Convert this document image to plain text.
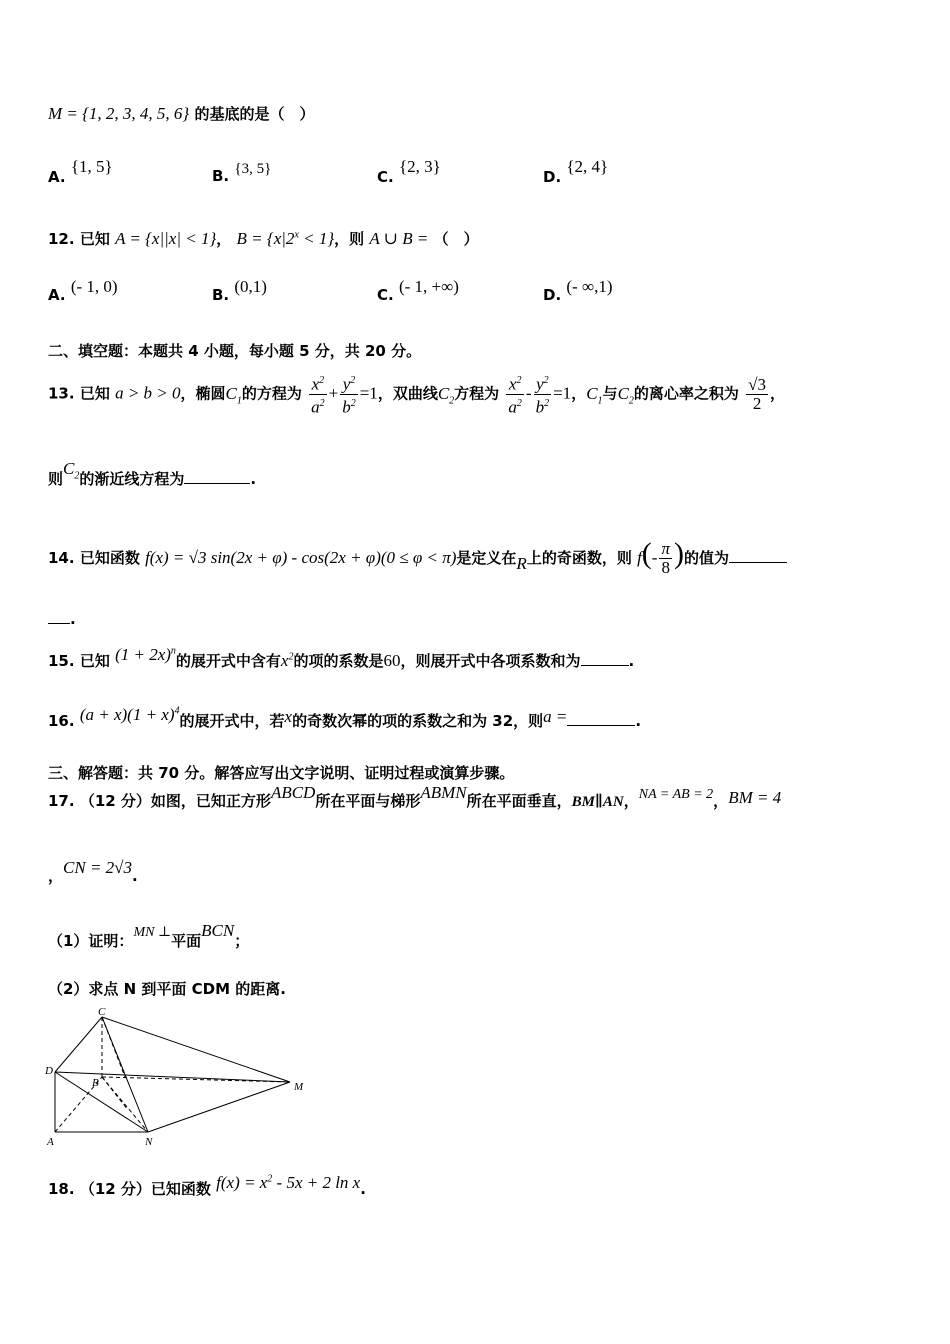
M = {1, 2, 3, 4, 5, 6} 的基底的是（　）
A. {1, 5}	B. {3, 5}	C. {2, 3}
D. {2, 4}
12. 已知 A = {x||x| < 1}， $B = \{x|2^x < 1\}$，则 A ∪ B = （　）
A. (- 1, 0)	B. (0,1)	C. (- 1, +∞)	D. (- ∞,1)
二、填空题：本题共 4 小题，每小题 5 分，共 20 分。
13. 已知 a > b > 0，椭圆$C_1$的方程为 $\frac{x^2}{a^2} + \frac{y^2}{b^2} =1$，双曲线$C_2$方程为 $\frac{x^2}{a^2} - \frac{y^2}{b^2} =1$，$C_1$与$C_2$的离心率之积为 $\frac{√3}{2}$ ，
则$C_2$的渐近线方程为	.
14. 已知函数 f(x) = √3 sin(2x + φ) - cos(2x + φ)(0 ≤ φ < π)是定义在R上的奇函数，则 $f(- \frac{\pi}{8}$ )的值为
.
15. 已知 $(1 + 2x)^n$的展开式中含有$x^2$的项的系数是60，则展开式中各项系数和为	.
16. $(a + x)(1 + x)^4$的展开式中，若x的奇数次幂的项的系数之和为 32，则a =	.
三、解答题：共 70 分。解答应写出文字说明、证明过程或演算步骤。
17. （12 分）如图，已知正方形ABCD所在平面与梯形ABMN所在平面垂直，BM∥AN，NA = AB = 2，BM = 4
，CN = 2√3.
（1）证明：MN ⊥平面BCN；
（2）求点 N 到平面 CDM 的距离.
C
D
B	M
A	N
18. （12 分）已知函数 $f(x) = x^2 - 5x + 2$ ln x.
